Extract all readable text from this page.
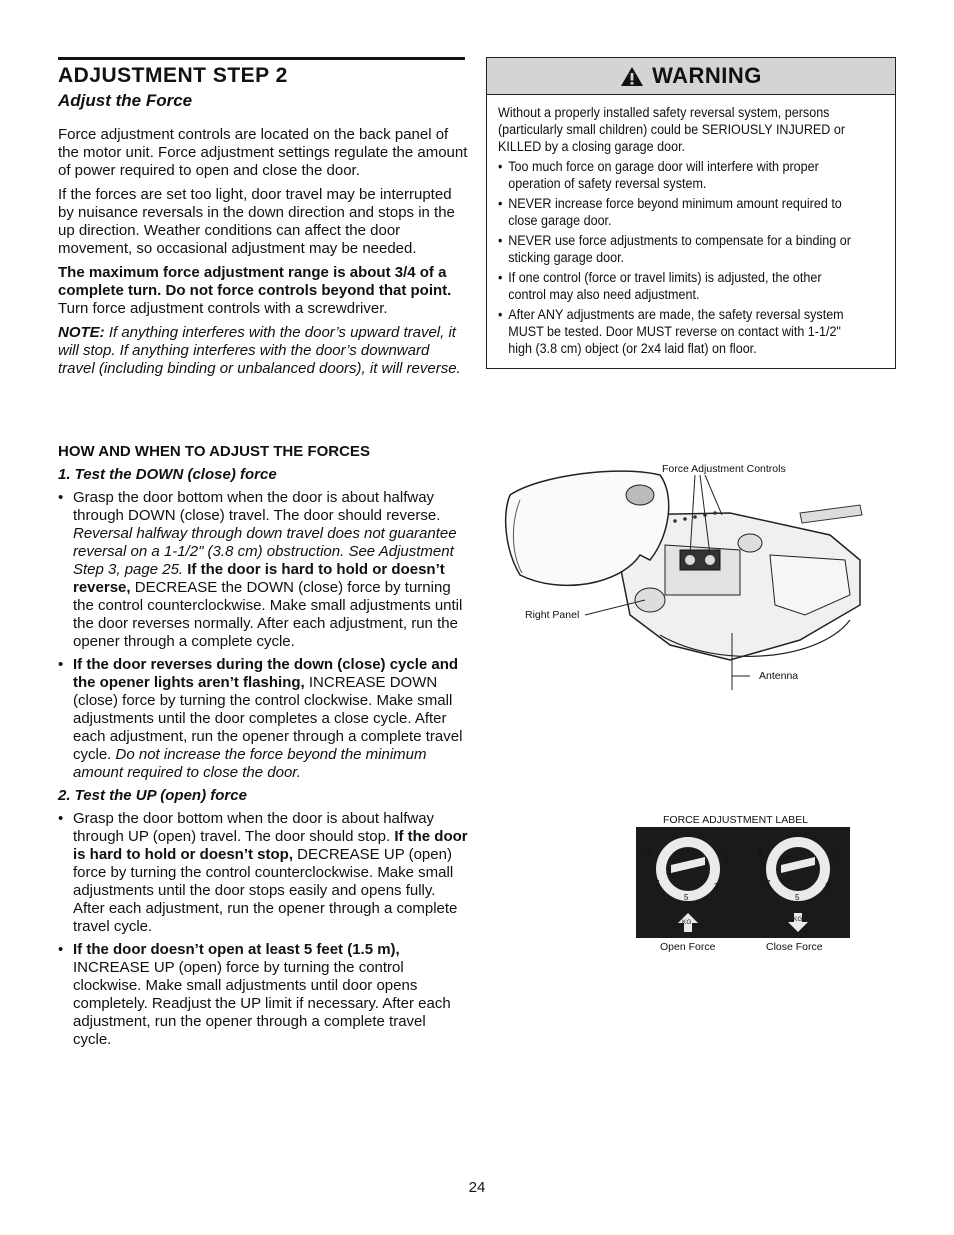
ADJUSTMENT STEP 2
Adjust the Force

Force adjustment controls are located on the back panel of the motor unit. Force adjustment settings regulate the amount of power required to open and close the door.

If the forces are set too light, door travel may be interrupted by nuisance reversals in the down direction and stops in the up direction. Weather conditions can affect the door movement, so occasional adjustment may be needed.

The maximum force adjustment range is about 3/4 of a complete turn. Do not force controls beyond that point. Turn force adjustment controls with a screwdriver.

NOTE: If anything interferes with the door’s upward travel, it will stop. If anything interferes with the door’s downward travel (including binding or unbalanced doors), it will reverse.

WARNING

Without a properly installed safety reversal system, persons (particularly small children) could be SERIOUSLY INJURED or KILLED by a closing garage door.

• Too much force on garage door will interfere with proper operation of safety reversal system.
• NEVER increase force beyond minimum amount required to close garage door.
• NEVER use force adjustments to compensate for a binding or sticking garage door.
• If one control (force or travel limits) is adjusted, the other control may also need adjustment.
• After ANY adjustments are made, the safety reversal system MUST be tested. Door MUST reverse on contact with 1-1/2" high (3.8 cm) object (or 2x4 laid flat) on floor.

HOW AND WHEN TO ADJUST THE FORCES

1. Test the DOWN (close) force

• Grasp the door bottom when the door is about halfway through DOWN (close) travel. The door should reverse. Reversal halfway through down travel does not guarantee reversal on a 1-1/2" (3.8 cm) obstruction. See Adjustment Step 3, page 25. If the door is hard to hold or doesn’t reverse, DECREASE the DOWN (close) force by turning the control counterclockwise. Make small adjustments until the door reverses normally. After each adjustment, run the opener through a complete cycle.
• If the door reverses during the down (close) cycle and the opener lights aren’t flashing, INCREASE DOWN (close) force by turning the control clockwise. Make small adjustments until the door completes a close cycle. After each adjustment, run the opener through a complete travel cycle. Do not increase the force beyond the minimum amount required to close the door.

2. Test the UP (open) force

• Grasp the door bottom when the door is about halfway through UP (open) travel. The door should stop. If the door is hard to hold or doesn’t stop, DECREASE UP (open) force by turning the control counterclockwise. Make small adjustments until the door stops easily and opens fully. After each adjustment, run the opener through a complete travel cycle.
• If the door doesn’t open at least 5 feet (1.5 m), INCREASE UP (open) force by turning the control clockwise. Make small adjustments until door opens completely. Readjust the UP limit if necessary. After each adjustment, run the opener through a complete travel cycle.
Force Adjustment Controls
Right Panel
Antenna
FORCE ADJUSTMENT LABEL
9	1
7	3
5
KG
9	1
7	3
5
KG
Open Force	Close Force
24
